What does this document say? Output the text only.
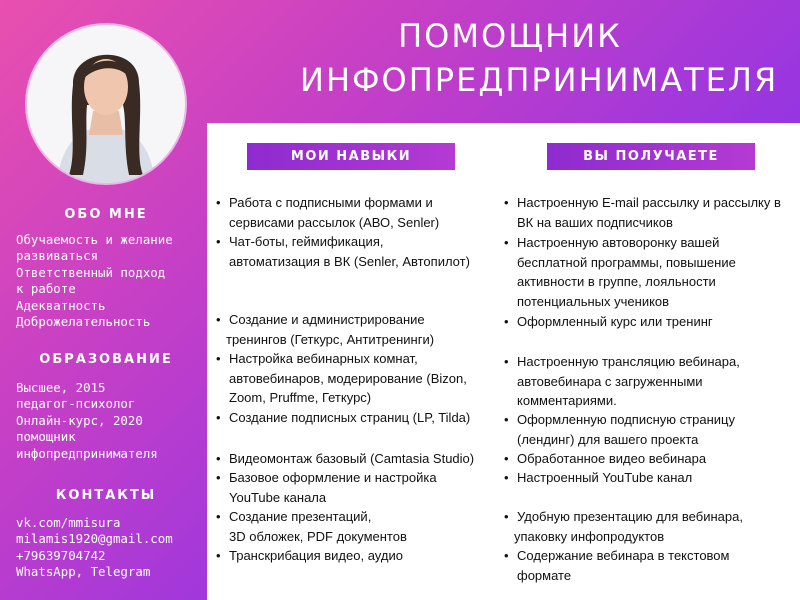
ПОМОЩНИК
ИНФОПРЕДПРИНИМАТЕЛЯ
ОБО МНЕ
Обучаемость и желание
развиваться
Ответственный подход
к работе
Адекватность
Доброжелательность
ОБРАЗОВАНИЕ
Высшее, 2015
педагог-психолог
Онлайн-курс, 2020
помощник
инфопредпринимателя
КОНТАКТЫ
vk.com/mmisura
milamis1920@gmail.com
+79639704742
WhatsApp, Telegram
МОИ НАВЫКИ	ВЫ ПОЛУЧАЕТЕ
• Работа с подписными формами и
сервисами рассылок (АВО, Senler)
• Чат-боты, геймификация,
автоматизация в ВК (Senler, Автопилот)
• Создание и администрирование
тренингов (Геткурс, Антитренинги)
• Настройка вебинарных комнат,
автовебинаров, модерирование (Bizon,
Zoom, Pruffme, Геткурс)
• Создание подписных страниц (LP, Tilda)
• Видеомонтаж базовый (Camtasia Studio)
• Базовое оформление и настройка
YouTube канала
• Создание презентаций,
3D обложек, PDF документов
• Транскрибация видео, аудио
• Настроенную E-mail рассылку и рассылку в
ВК на ваших подписчиков
• Настроенную автоворонку вашей
бесплатной программы, повышение
активности в группе, лояльности
потенциальных учеников
• Оформленный курс или тренинг
• Настроенную трансляцию вебинара,
автовебинара с загруженными
комментариями.
• Оформленную подписную страницу
(лендинг) для вашего проекта
• Обработанное видео вебинара
• Настроенный YouTube канал
• Удобную презентацию для вебинара,
упаковку инфопродуктов
• Содержание вебинара в текстовом
формате
